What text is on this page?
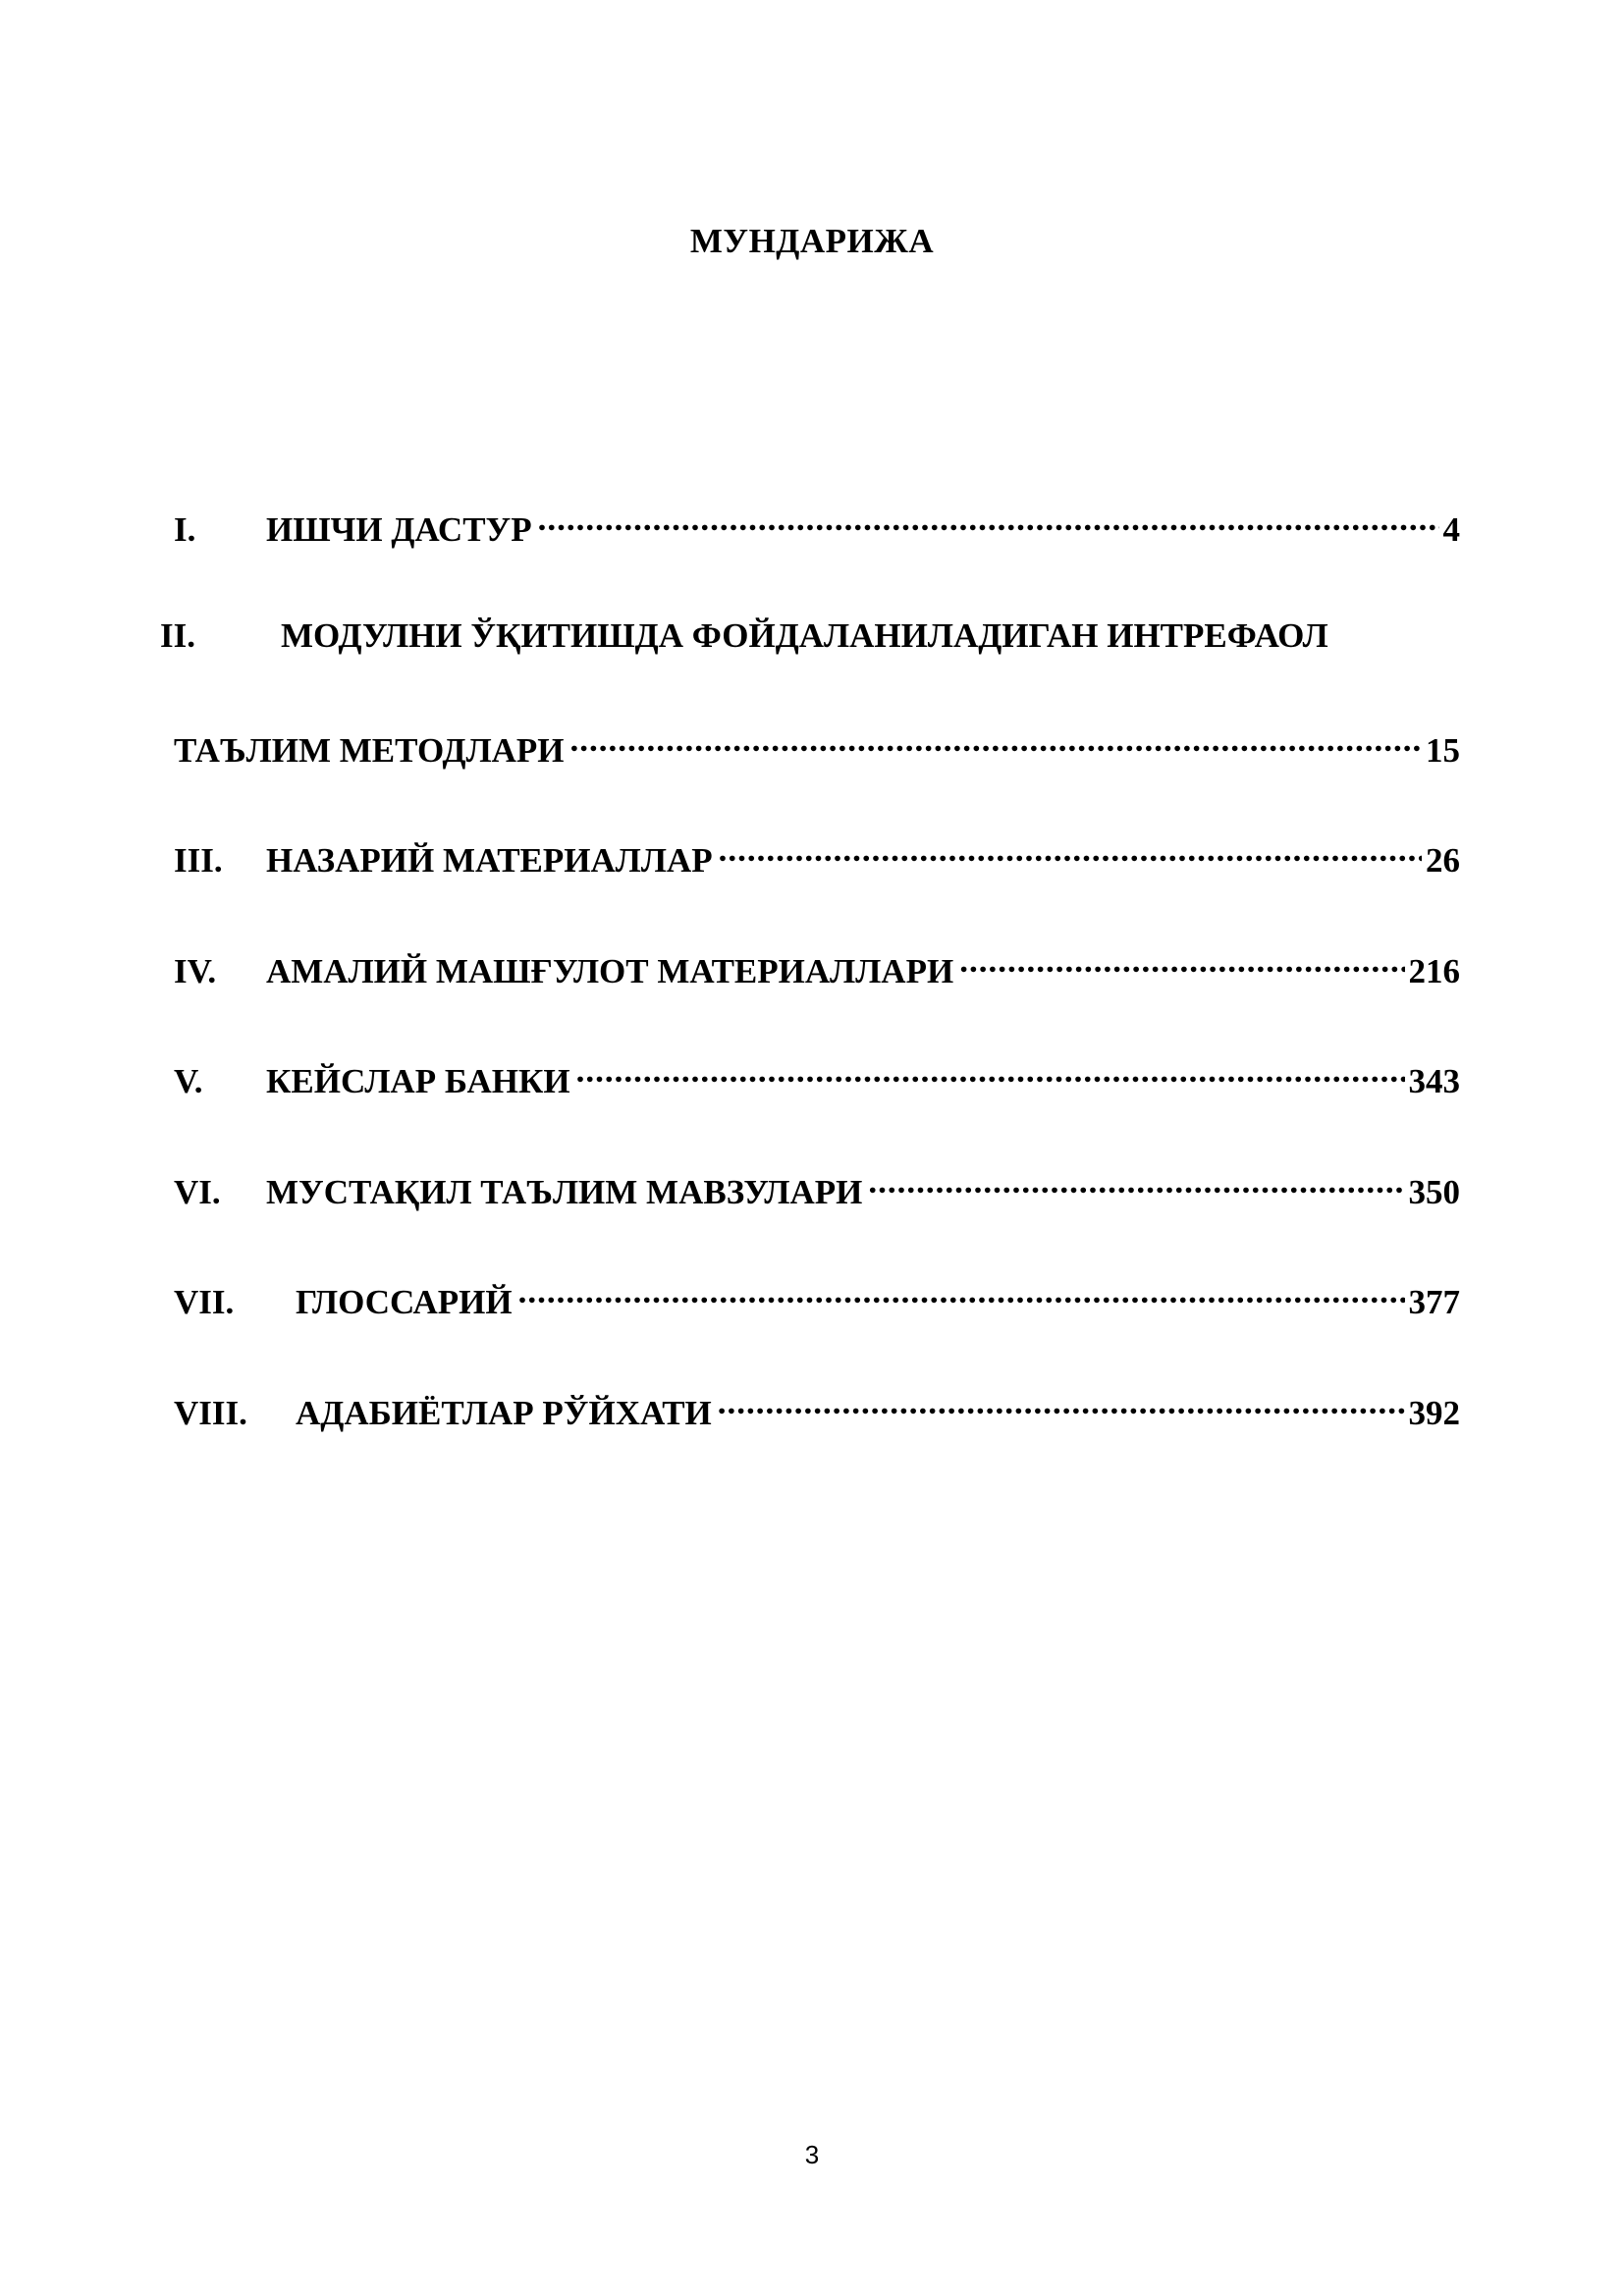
МУНДАРИЖА
I.	ИШЧИ ДАСТУР .....	4
II. МОДУЛНИ ЎҚИТИШДА ФОЙДАЛАНИЛАДИГАН ИНТРЕФАОЛ
ТАЪЛИМ МЕТОДЛАРИ .....	15
III.	НАЗАРИЙ МАТЕРИАЛЛАР .....	26
IV.	АМАЛИЙ МАШҒУЛОТ МАТЕРИАЛЛАРИ .....	216
V.	КЕЙСЛАР БАНКИ .....	343
VI.	МУСТАҚИЛ ТАЪЛИМ МАВЗУЛАРИ .....	350
VII.	ГЛОССАРИЙ .....	377
VIII.	АДАБИЁТЛАР РЎЙХАТИ .....	392
3
